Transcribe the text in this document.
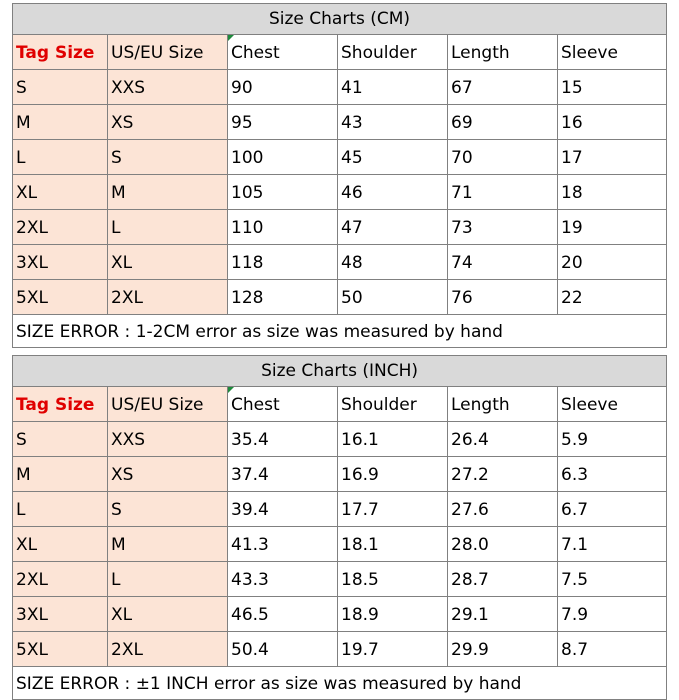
Size Charts (CM)					
Tag Size	US/EU Size	Chest	Shoulder	Length	Sleeve
S	XXS	90	41	67	15
M	XS	95	43	69	16
L	S	100	45	70	17
XL	M	105	46	71	18
2XL	L	110	47	73	19
3XL	XL	118	48	74	20
5XL	2XL	128	50	76	22
SIZE ERROR : 1-2CM error as size was measured by hand					
Size Charts (INCH)					
Tag Size	US/EU Size	Chest	Shoulder	Length	Sleeve
S	XXS	35.4	16.1	26.4	5.9
M	XS	37.4	16.9	27.2	6.3
L	S	39.4	17.7	27.6	6.7
XL	M	41.3	18.1	28.0	7.1
2XL	L	43.3	18.5	28.7	7.5
3XL	XL	46.5	18.9	29.1	7.9
5XL	2XL	50.4	19.7	29.9	8.7
SIZE ERROR : ±1 INCH error as size was measured by hand					
